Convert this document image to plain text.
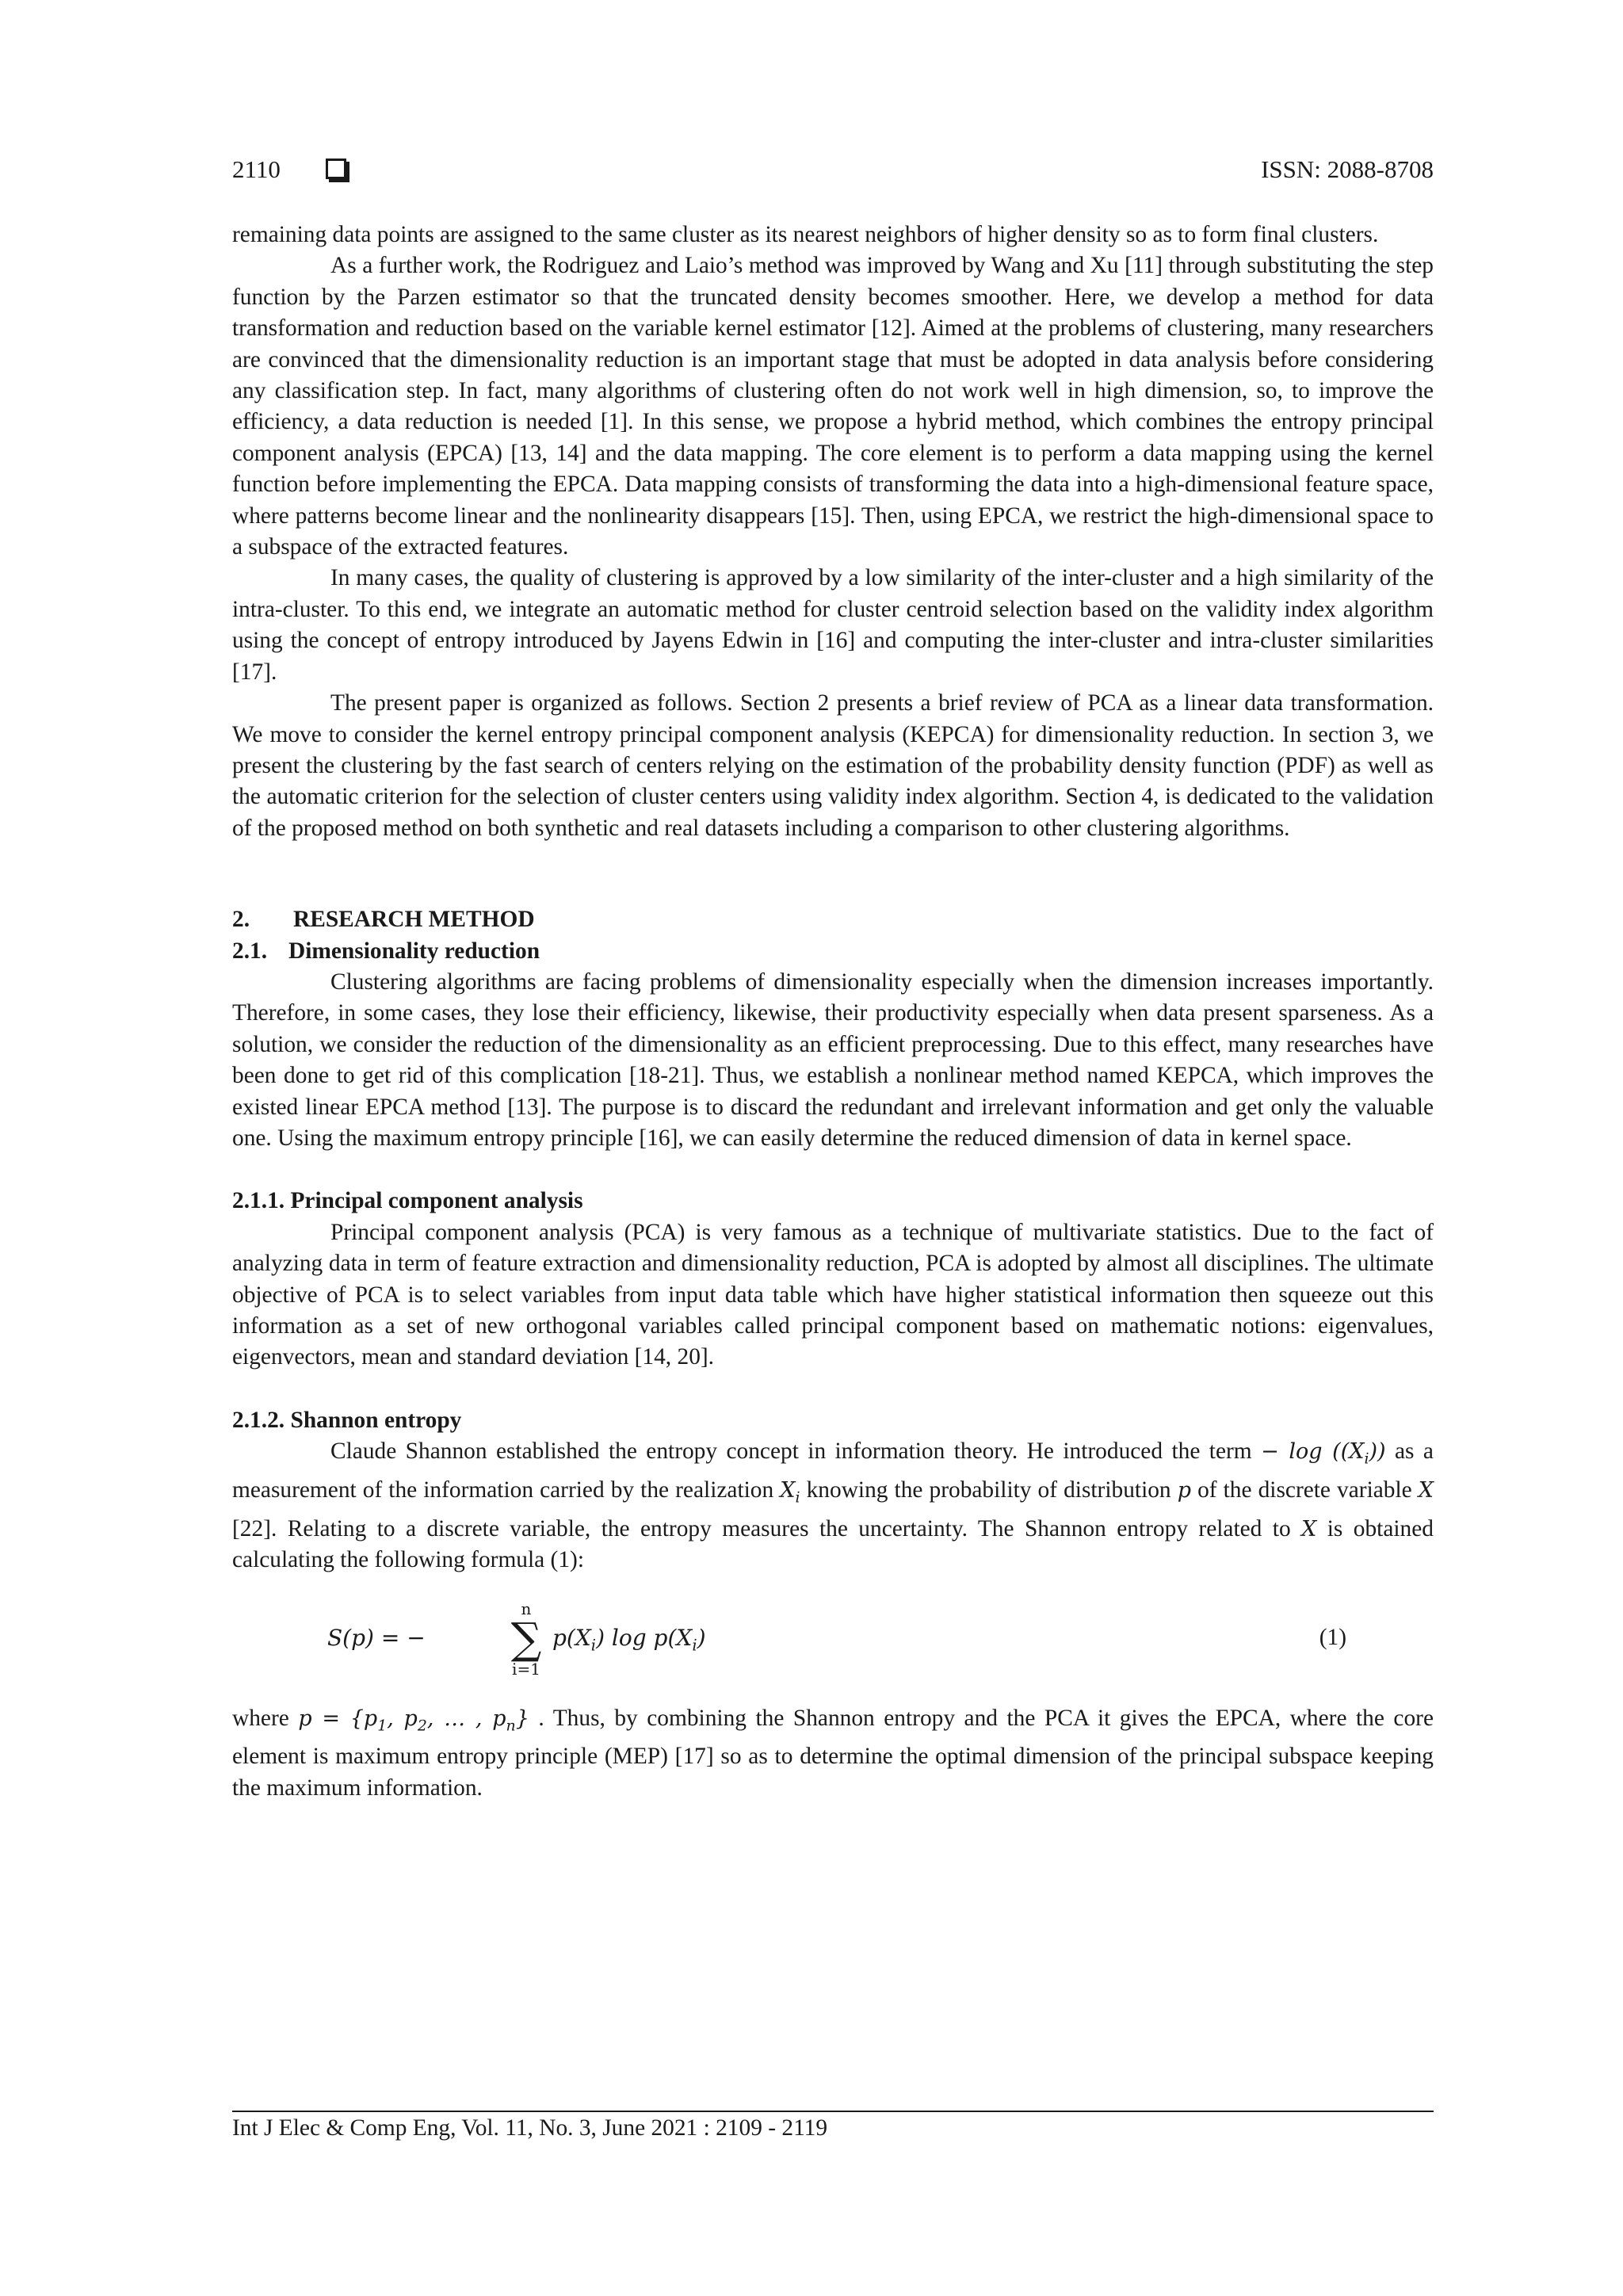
2110	ISSN: 2088-8708

remaining data points are assigned to the same cluster as its nearest neighbors of higher density so as to form final clusters.

As a further work, the Rodriguez and Laio’s method was improved by Wang and Xu [11] through substituting the step function by the Parzen estimator so that the truncated density becomes smoother. Here, we develop a method for data transformation and reduction based on the variable kernel estimator [12]. Aimed at the problems of clustering, many researchers are convinced that the dimensionality reduction is an important stage that must be adopted in data analysis before considering any classification step. In fact, many algorithms of clustering often do not work well in high dimension, so, to improve the efficiency, a data reduction is needed [1]. In this sense, we propose a hybrid method, which combines the entropy principal component analysis (EPCA) [13, 14] and the data mapping. The core element is to perform a data mapping using the kernel function before implementing the EPCA. Data mapping consists of transforming the data into a high-dimensional feature space, where patterns become linear and the nonlinearity disappears [15]. Then, using EPCA, we restrict the high-dimensional space to a subspace of the extracted features.

In many cases, the quality of clustering is approved by a low similarity of the inter-cluster and a high similarity of the intra-cluster. To this end, we integrate an automatic method for cluster centroid selection based on the validity index algorithm using the concept of entropy introduced by Jayens Edwin in [16] and computing the inter-cluster and intra-cluster similarities [17].

The present paper is organized as follows. Section 2 presents a brief review of PCA as a linear data transformation. We move to consider the kernel entropy principal component analysis (KEPCA) for dimensionality reduction. In section 3, we present the clustering by the fast search of centers relying on the estimation of the probability density function (PDF) as well as the automatic criterion for the selection of cluster centers using validity index algorithm. Section 4, is dedicated to the validation of the proposed method on both synthetic and real datasets including a comparison to other clustering algorithms.

2. RESEARCH METHOD

2.1. Dimensionality reduction

Clustering algorithms are facing problems of dimensionality especially when the dimension increases importantly. Therefore, in some cases, they lose their efficiency, likewise, their productivity especially when data present sparseness. As a solution, we consider the reduction of the dimensionality as an efficient preprocessing. Due to this effect, many researches have been done to get rid of this complication [18-21]. Thus, we establish a nonlinear method named KEPCA, which improves the existed linear EPCA method [13]. The purpose is to discard the redundant and irrelevant information and get only the valuable one. Using the maximum entropy principle [16], we can easily determine the reduced dimension of data in kernel space.

2.1.1. Principal component analysis

Principal component analysis (PCA) is very famous as a technique of multivariate statistics. Due to the fact of analyzing data in term of feature extraction and dimensionality reduction, PCA is adopted by almost all disciplines. The ultimate objective of PCA is to select variables from input data table which have higher statistical information then squeeze out this information as a set of new orthogonal variables called principal component based on mathematic notions: eigenvalues, eigenvectors, mean and standard deviation [14, 20].

2.1.2. Shannon entropy

Claude Shannon established the entropy concept in information theory. He introduced the term − $\log ((X_i))$ as a measurement of the information carried by the realization $X_i$ knowing the probability of distribution p of the discrete variable X [22]. Relating to a discrete variable, the entropy measures the uncertainty. The Shannon entropy related to X is obtained calculating the following formula (1):

S(p) = −
n
∑
i=1
$p(X_i)$ $\log p(X_i)$	(1)

where $p = \{p_1$, $p_2$, … , $p_n$} . Thus, by combining the Shannon entropy and the PCA it gives the EPCA, where the core element is maximum entropy principle (MEP) [17] so as to determine the optimal dimension of the principal subspace keeping the maximum information.

Int J Elec & Comp Eng, Vol. 11, No. 3, June 2021 : 2109 - 2119
